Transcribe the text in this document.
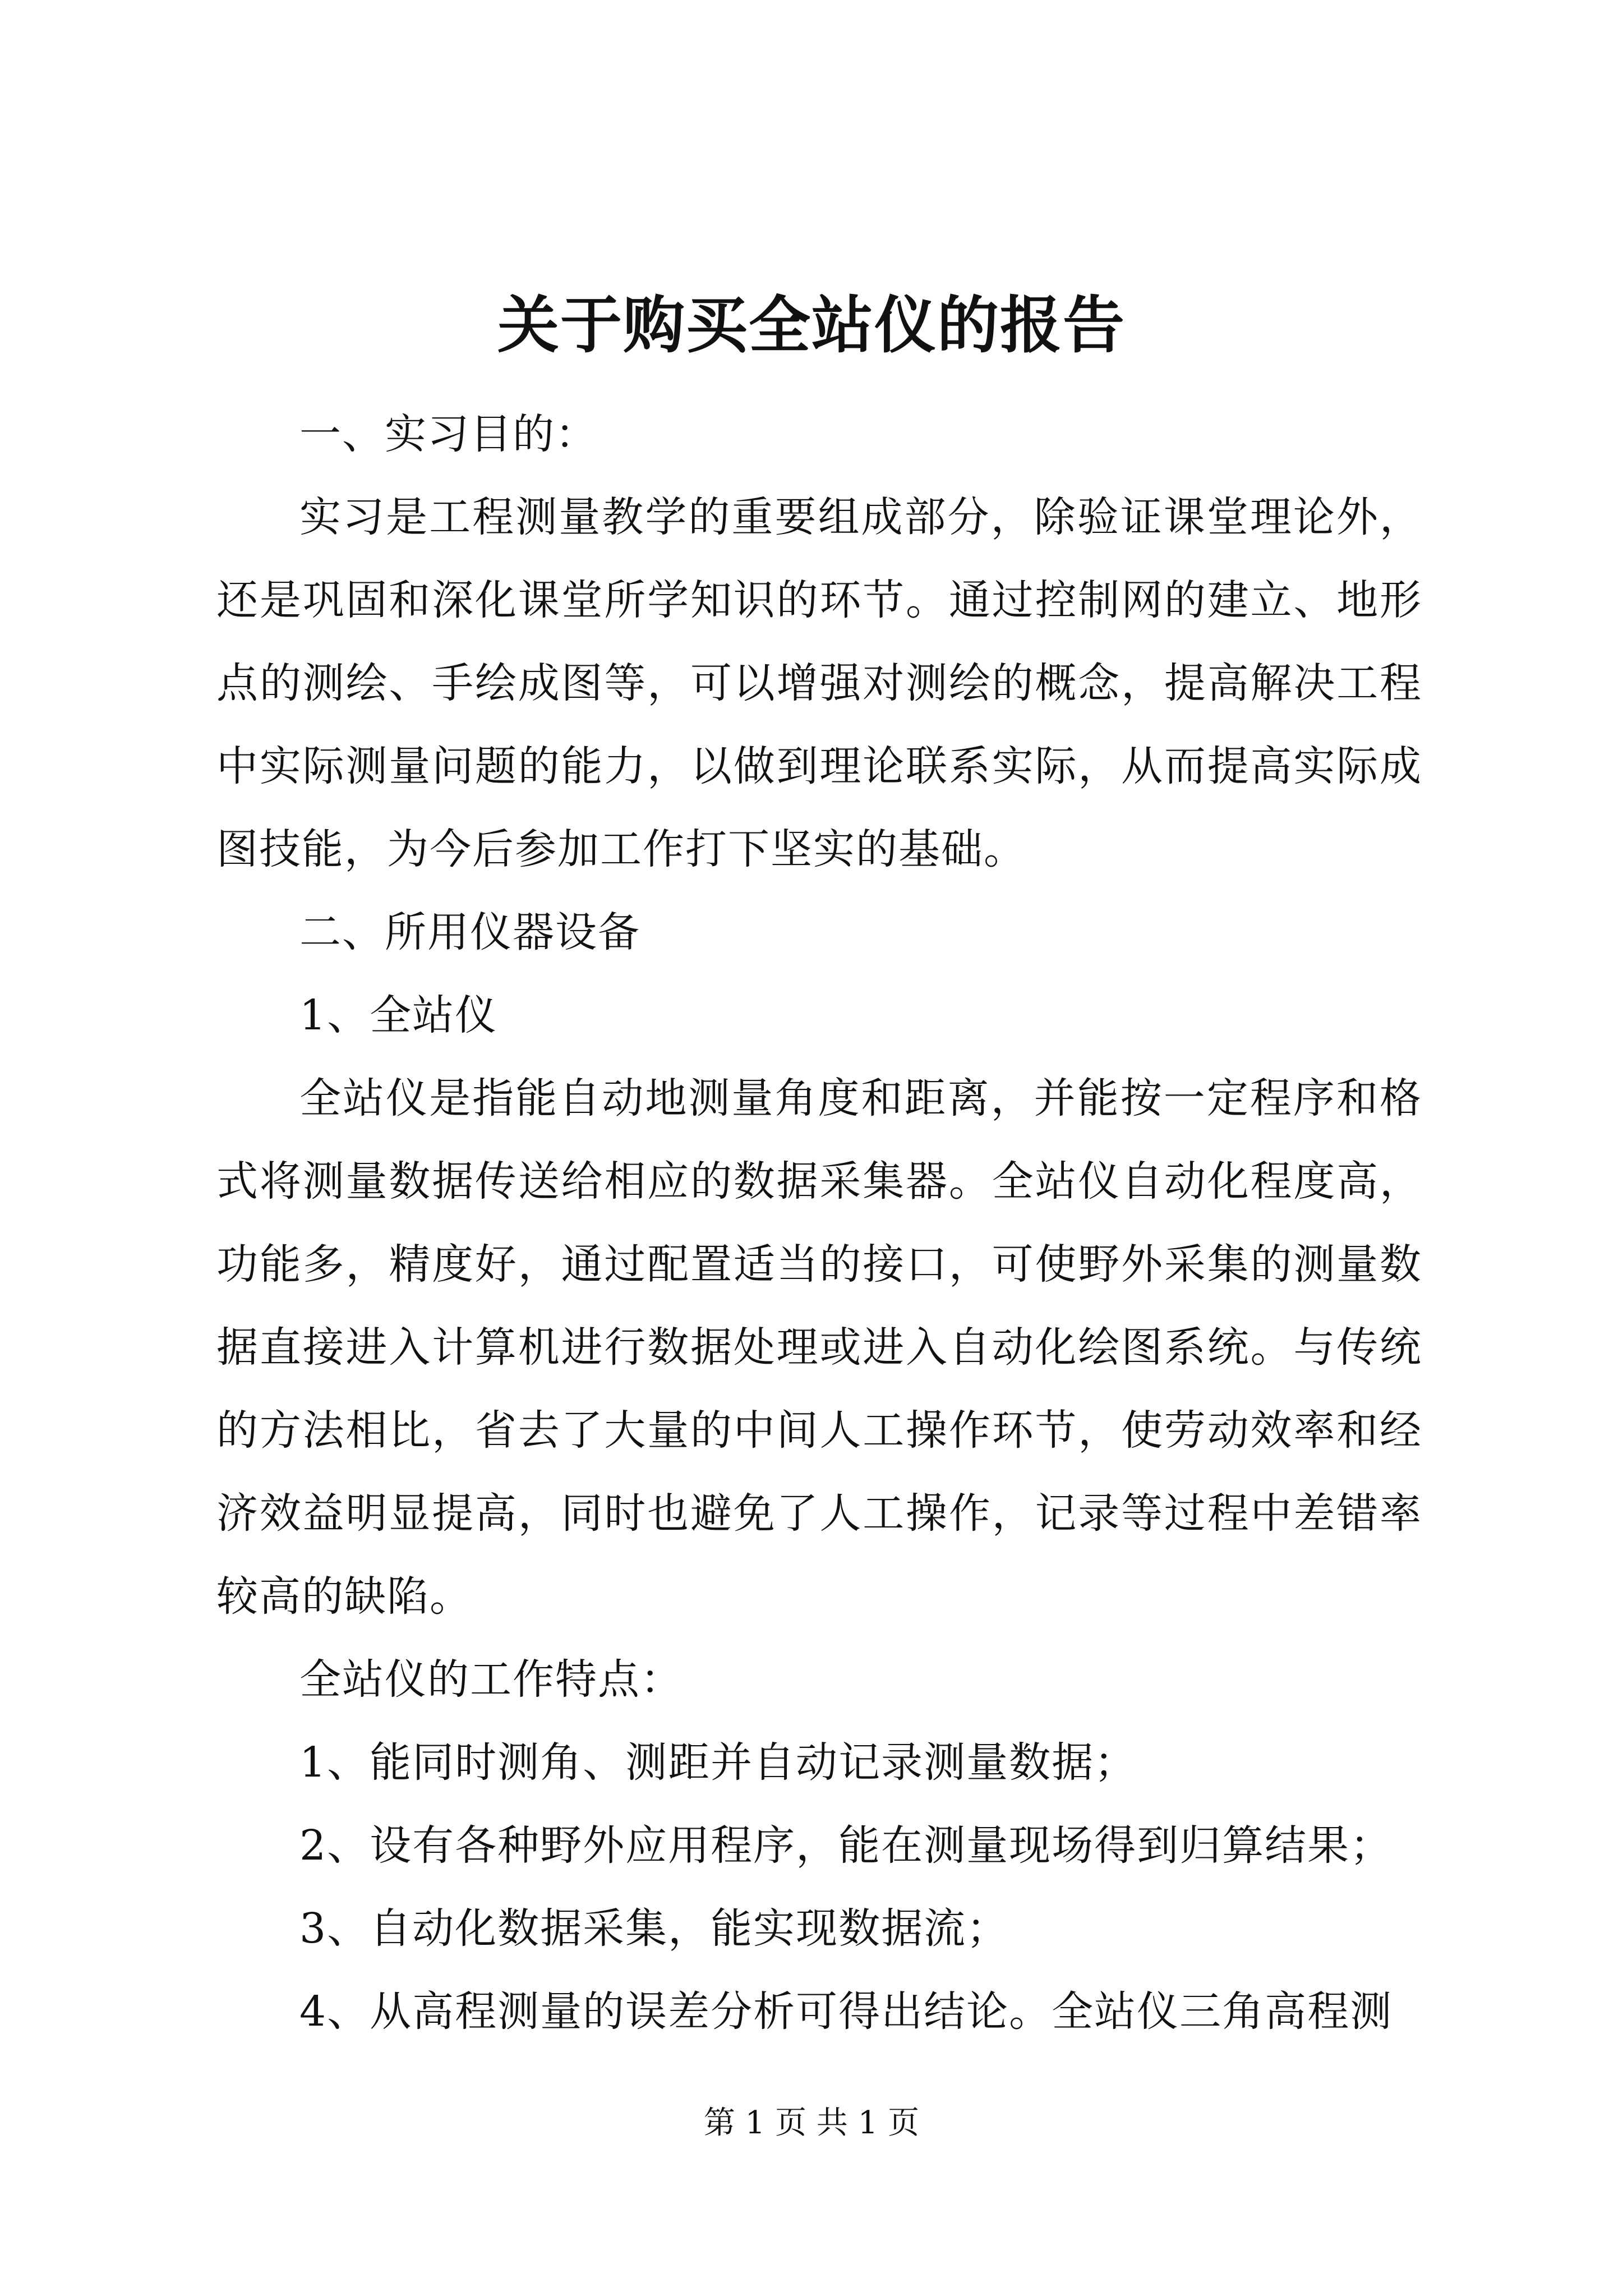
关于购买全站仪的报告

一、实习目的：

实习是工程测量教学的重要组成部分，除验证课堂理论外，还是巩固和深化课堂所学知识的环节。通过控制网的建立、地形点的测绘、手绘成图等，可以增强对测绘的概念，提高解决工程中实际测量问题的能力，以做到理论联系实际，从而提高实际成图技能，为今后参加工作打下坚实的基础。

二、所用仪器设备

1、全站仪

全站仪是指能自动地测量角度和距离，并能按一定程序和格式将测量数据传送给相应的数据采集器。全站仪自动化程度高，功能多，精度好，通过配置适当的接口，可使野外采集的测量数据直接进入计算机进行数据处理或进入自动化绘图系统。与传统的方法相比，省去了大量的中间人工操作环节，使劳动效率和经济效益明显提高，同时也避免了人工操作，记录等过程中差错率较高的缺陷。

全站仪的工作特点：

1、能同时测角、测距并自动记录测量数据；

2、设有各种野外应用程序，能在测量现场得到归算结果；

3、自动化数据采集，能实现数据流；

4、从高程测量的误差分析可得出结论。全站仪三角高程测

第 1 页 共 1 页
